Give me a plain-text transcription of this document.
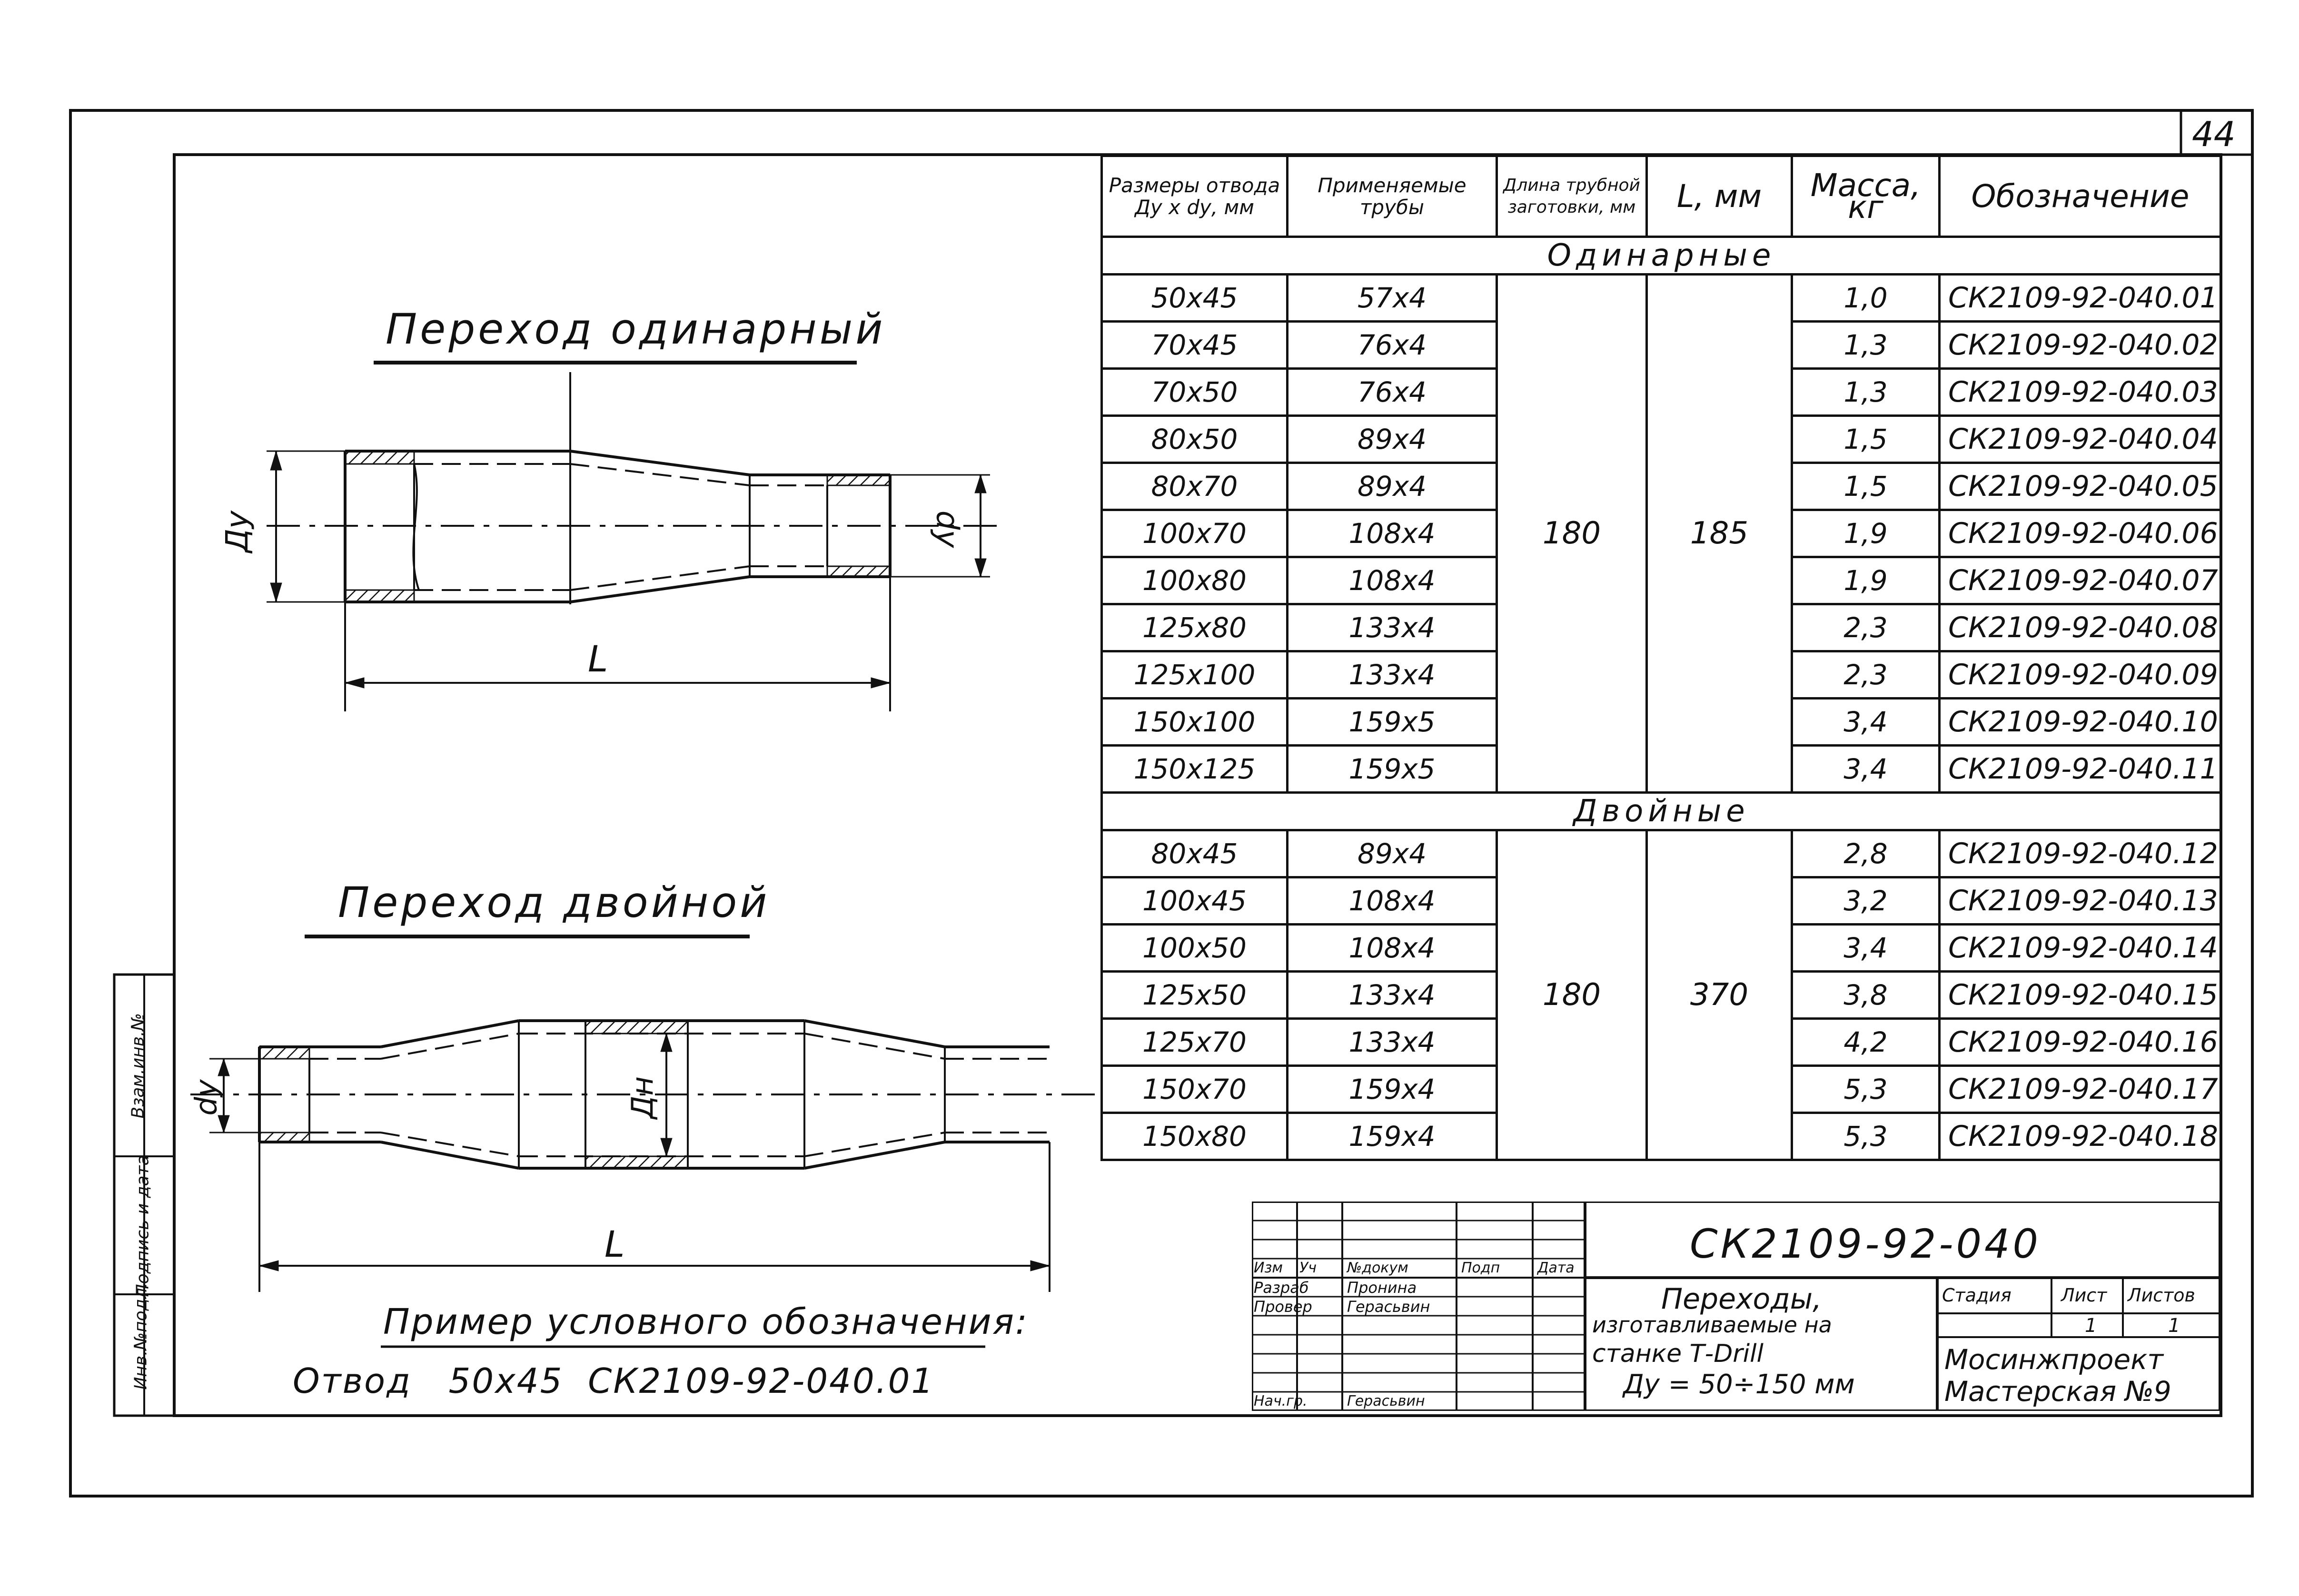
44
Переход одинарный
Ду	dу
L
Переход двойной
dу	Дн
L
Пример условного обозначения:
Отвод   50х45  СК2109-92-040.01
Инв.№подл.
Подпись и дата
Взам.инв.№
Размеры отвода Ду х dу, мм	Применяемые трубы	Длина трубной заготовки, мм	L, мм	Масса, кг	Обозначение
Одинарные					
50х45	57х4	180	185	1,0	СК2109-92-040.01
70х45	76х4			1,3	СК2109-92-040.02
70х50	76х4			1,3	СК2109-92-040.03
80х50	89х4			1,5	СК2109-92-040.04
80х70	89х4			1,5	СК2109-92-040.05
100х70	108х4			1,9	СК2109-92-040.06
100х80	108х4			1,9	СК2109-92-040.07
125х80	133х4			2,3	СК2109-92-040.08
125х100	133х4			2,3	СК2109-92-040.09
150х100	159х5			3,4	СК2109-92-040.10
150х125	159х5			3,4	СК2109-92-040.11
Двойные					
80х45	89х4	180	370	2,8	СК2109-92-040.12
100х45	108х4			3,2	СК2109-92-040.13
100х50	108х4			3,4	СК2109-92-040.14
125х50	133х4			3,8	СК2109-92-040.15
125х70	133х4			4,2	СК2109-92-040.16
150х70	159х4			5,3	СК2109-92-040.17
150х80	159х4			5,3	СК2109-92-040.18
СК2109-92-040
Изм Уч №докум	Подп	Дата
Разраб	Пронина
Провер Герасьвин
Нач.гр.	Герасьвин
Переходы,
изготавливаемые на
станке Т-Drill
Ду = 50÷150 мм
Стадия	Лист Листов
1	1
Мосинжпроект
Мастерская №9
